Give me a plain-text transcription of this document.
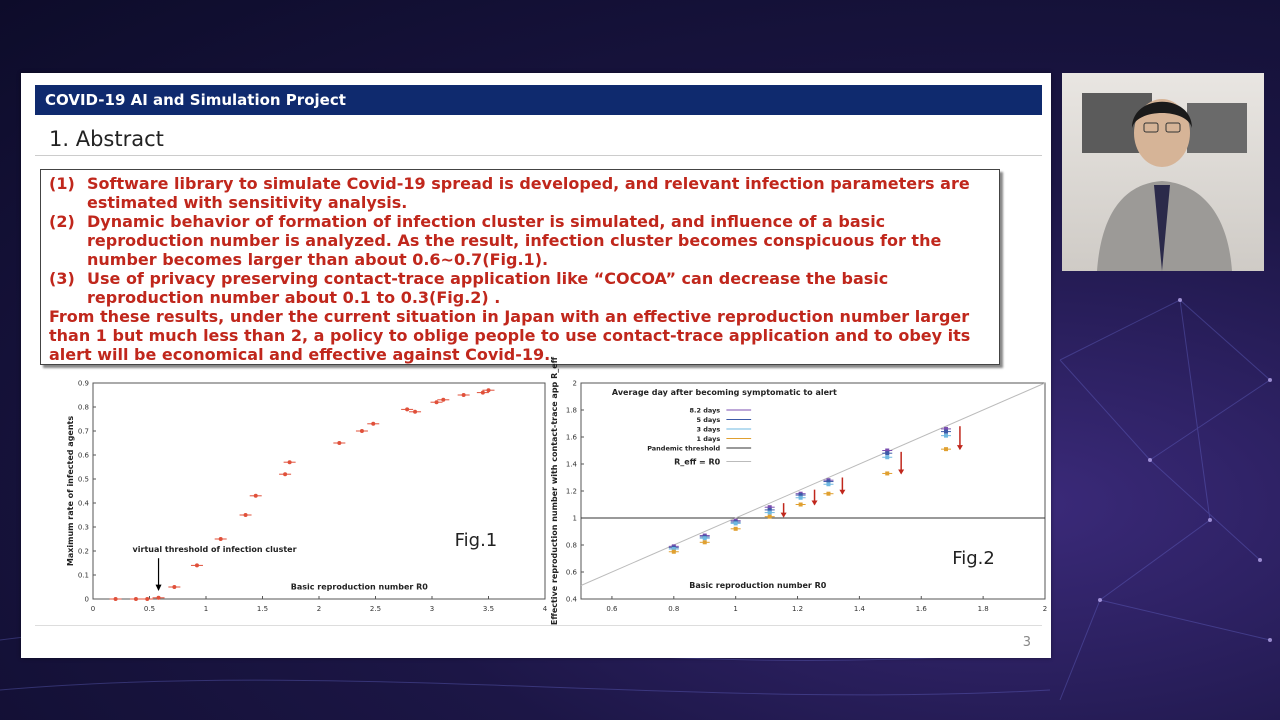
COVID-19 AI and Simulation Project
1. Abstract
(1) Software library to simulate Covid-19 spread is developed, and relevant infection parameters are estimated with sensitivity analysis.
(2) Dynamic behavior of formation of infection cluster is simulated, and influence of a basic reproduction number is analyzed. As the result, infection cluster becomes conspicuous for the number becomes larger than about 0.6~0.7(Fig.1).
(3) Use of privacy preserving contact-trace application like “COCOA” can decrease the basic reproduction number about 0.1 to 0.3(Fig.2) .
From these results, under the current situation in Japan with an effective reproduction number larger than 1 but much less than 2, a policy to oblige people to use contact-trace application and to obey its alert will be economical and effective against Covid-19.
0	0.5	1	1.5	2	2.5	3	3.5	4
0
0.1
0.2
0.3
0.4
0.5
0.6
0.7
0.8
0.9
Maximum rate of infected agents
Basic reproduction number R0
virtual threshold of infection cluster	Fig.1
0.6	0.8	1	1.2	1.4	1.6	1.8	2
0.4
0.6
0.8
1
1.2
1.4
1.6
1.8
2
Average day after becoming symptomatic to alert
8.2 days
5 days
3 days
1 days
Pandemic threshold
R_eff = R0
Effective reproduction number with contact-trace app R_eff	Basic reproduction number R0
Fig.2
3
